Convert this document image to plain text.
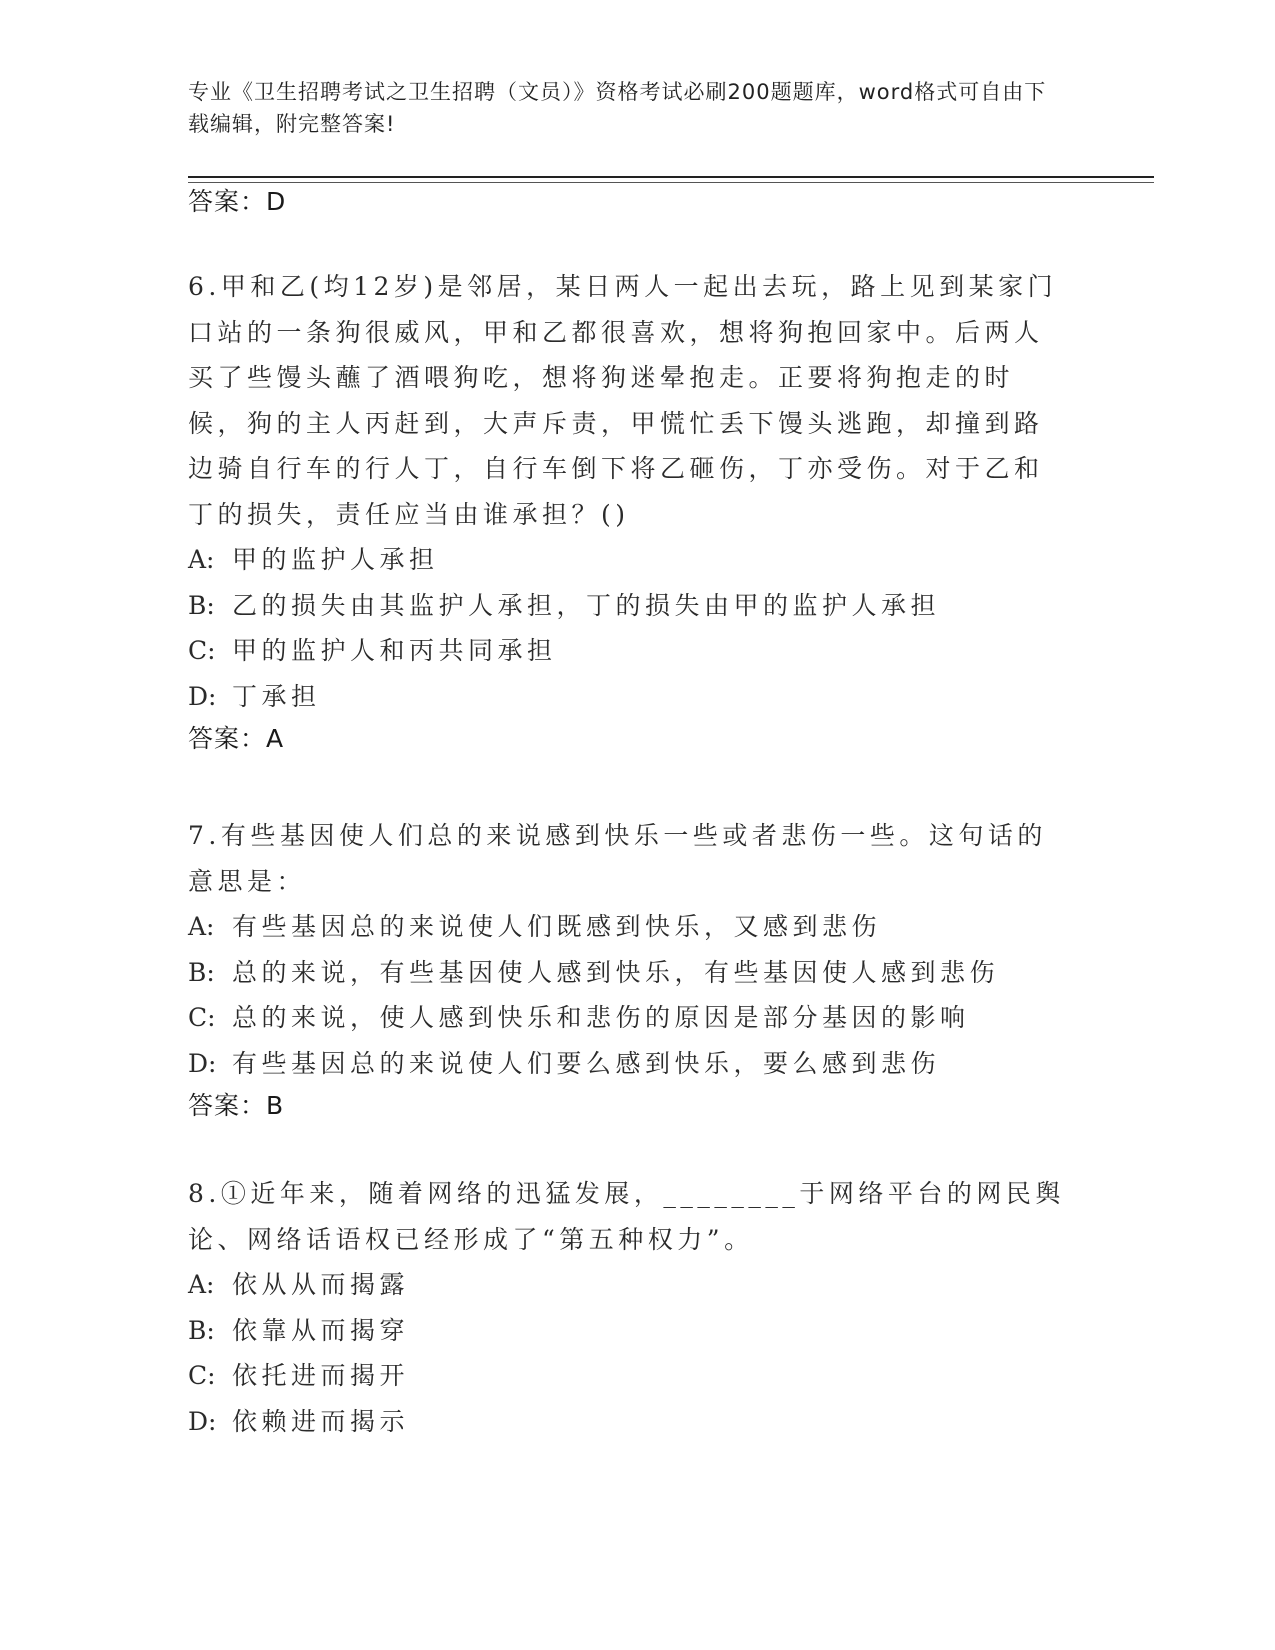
专业《卫生招聘考试之卫生招聘（文员）》资格考试必刷200题题库，word格式可自由下载编辑，附完整答案!
答案：D
6.甲和乙(均12岁)是邻居，某日两人一起出去玩，路上见到某家门口站的一条狗很威风，甲和乙都很喜欢，想将狗抱回家中。后两人买了些馒头蘸了酒喂狗吃，想将狗迷晕抱走。正要将狗抱走的时候，狗的主人丙赶到，大声斥责，甲慌忙丢下馒头逃跑，却撞到路边骑自行车的行人丁，自行车倒下将乙砸伤，丁亦受伤。对于乙和丁的损失，责任应当由谁承担？()
A: 甲的监护人承担
B: 乙的损失由其监护人承担，丁的损失由甲的监护人承担
C: 甲的监护人和丙共同承担
D: 丁承担
答案：A
7.有些基因使人们总的来说感到快乐一些或者悲伤一些。这句话的意思是：
A: 有些基因总的来说使人们既感到快乐，又感到悲伤
B: 总的来说，有些基因使人感到快乐，有些基因使人感到悲伤
C: 总的来说，使人感到快乐和悲伤的原因是部分基因的影响
D: 有些基因总的来说使人们要么感到快乐，要么感到悲伤
答案：B
8.①近年来，随着网络的迅猛发展，________于网络平台的网民舆论、网络话语权已经形成了“第五种权力”。
A: 依从从而揭露
B: 依靠从而揭穿
C: 依托进而揭开
D: 依赖进而揭示
